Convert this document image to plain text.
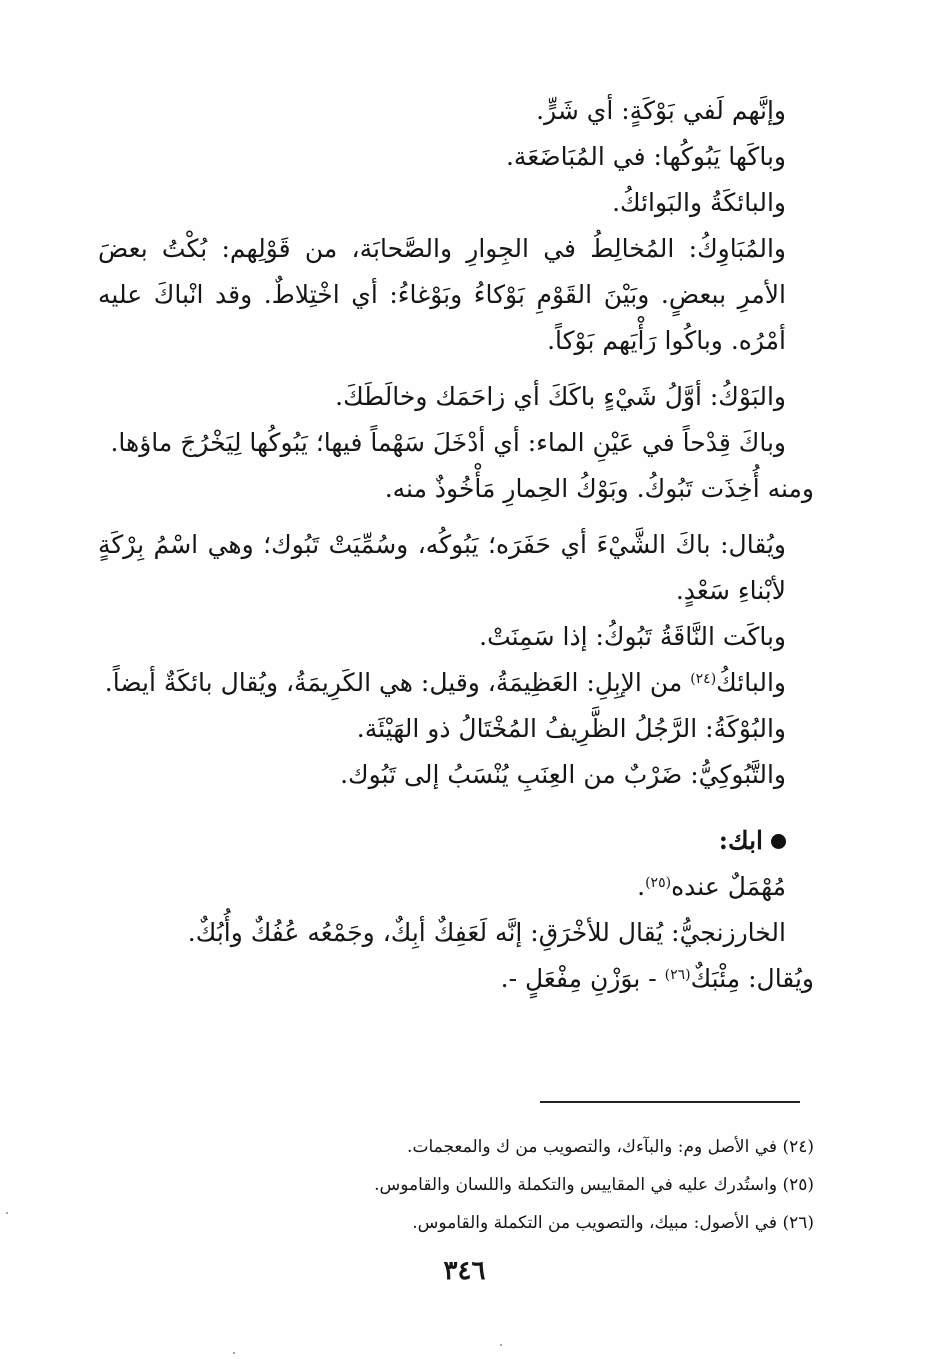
وإنَّهم لَفي بَوْكَةٍ: أي شَرٍّ.

وباكَها يَبُوكُها: في المُبَاضَعَة.

والبائكَةُ والبَوائكُ.

والمُبَاوِكُ: المُخالِطُ في الجِوارِ والصَّحابَة، من قَوْلِهم: بُكْتُ بعضَ الأمرِ ببعضٍ. وبَيْنَ القَوْمِ بَوْكاءُ وبَوْغاءُ: أي اخْتِلاطٌ. وقد انْباكَ عليه أمْرُه. وباكُوا رَأْيَهم بَوْكاً.

والبَوْكُ: أوَّلُ شَيْءٍ باكَكَ أي زاحَمَك وخالَطَكَ.

وباكَ قِدْحاً في عَيْنِ الماء: أي أدْخَلَ سَهْماً فيها؛ يَبُوكُها لِيَخْرُجَ ماؤها.

ومنه أُخِذَت تَبُوكُ. وبَوْكُ الحِمارِ مَأْخُوذٌ منه.

ويُقال: باكَ الشَّيْءَ أي حَفَرَه؛ يَبُوكُه، وسُمِّيَتْ تَبُوك؛ وهي اسْمُ بِرْكَةٍ لأبْناءِ سَعْدٍ.

وباكَت النَّاقَةُ تَبُوكُ: إذا سَمِنَتْ.

والبائكُ$^{(٢٤)}$ من الإبِلِ: العَظِيمَةُ، وقيل: هي الكَرِيمَةُ، ويُقال بائكَةٌ أيضاً.

والبُوْكَةُ: الرَّجُلُ الظَّرِيفُ المُخْتَالُ ذو الهَيْئَة.

والتَّبُوكِيُّ: ضَرْبٌ من العِنَبِ يُنْسَبُ إلى تَبُوك.

ابك:

مُهْمَلٌ عنده$^{(٢٥)}$.

الخارزنجيُّ: يُقال للأخْرَقِ: إنَّه لَعَفِكٌ أبِكٌ، وجَمْعُه عُفُكٌ وأُبُكٌ.

ويُقال: مِئْبَكٌ$^{(٢٦)}$ - بوَزْنِ مِفْعَلٍ -.

(٢٤) في الأصل وم: والبآءك، والتصويب من ك والمعجمات.

(٢٥) واستُدرك عليه في المقاييس والتكملة واللسان والقاموس.

(٢٦) في الأصول: مبيك، والتصويب من التكملة والقاموس.

٣٤٦
